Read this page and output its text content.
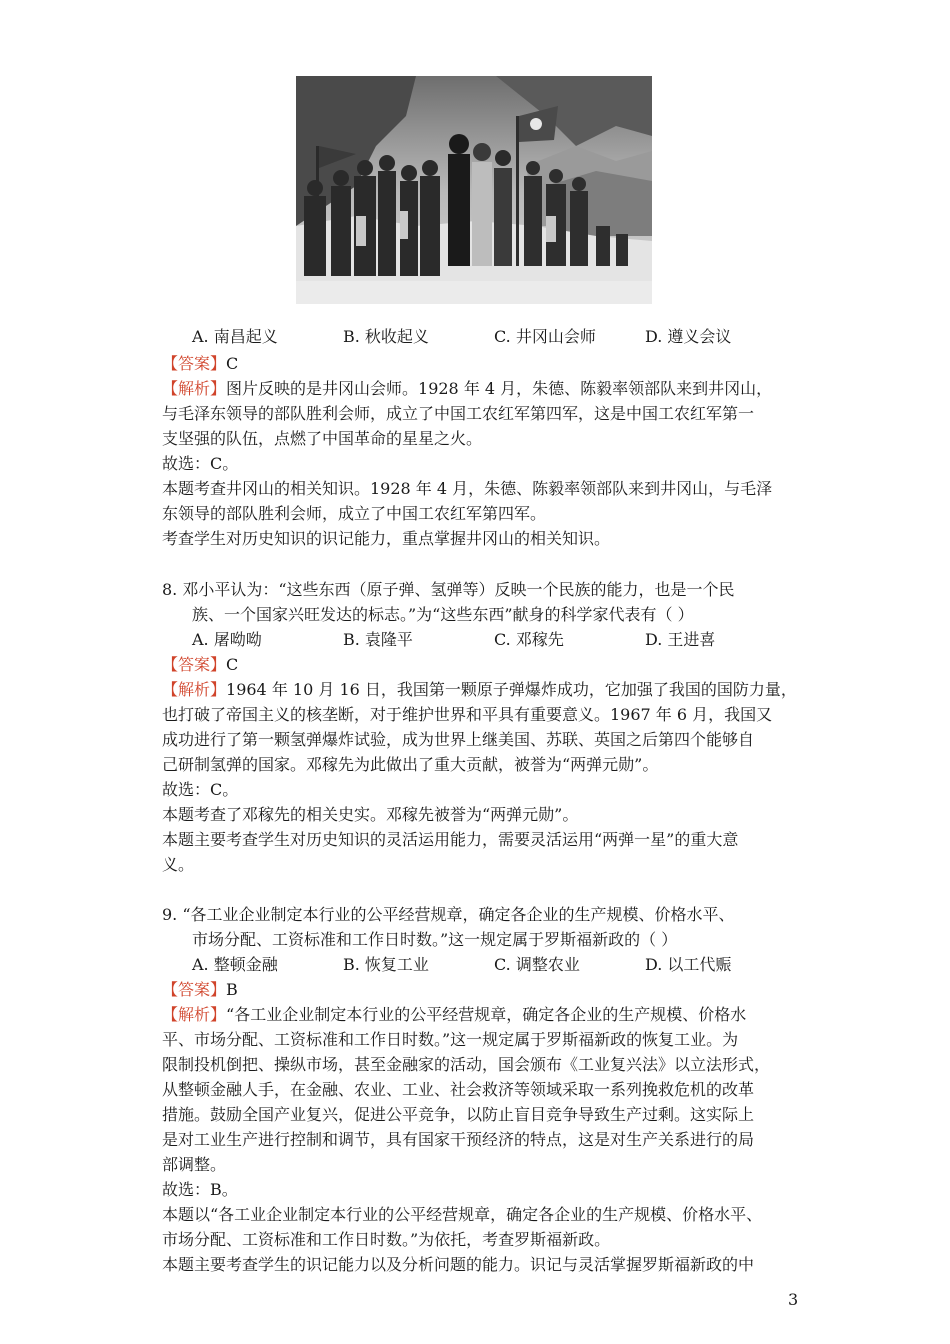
A. 南昌起义	B. 秋收起义	C. 井冈山会师	D. 遵义会议
【答案】C
【解析】图片反映的是井冈山会师。1928 年 4 月，朱德、陈毅率领部队来到井冈山，
与毛泽东领导的部队胜利会师，成立了中国工农红军第四军，这是中国工农红军第一
支坚强的队伍，点燃了中国革命的星星之火。
故选：C。
本题考查井冈山的相关知识。1928 年 4 月，朱德、陈毅率领部队来到井冈山，与毛泽
东领导的部队胜利会师，成立了中国工农红军第四军。
考查学生对历史知识的识记能力，重点掌握井冈山的相关知识。
8. 邓小平认为：“这些东西（原子弹、氢弹等）反映一个民族的能力，也是一个民
族、一个国家兴旺发达的标志。”为“这些东西”献身的科学家代表有（ ）
A. 屠呦呦	B. 袁隆平	C. 邓稼先	D. 王进喜
【答案】C
【解析】1964 年 10 月 16 日，我国第一颗原子弹爆炸成功，它加强了我国的国防力量，
也打破了帝国主义的核垄断，对于维护世界和平具有重要意义。1967 年 6 月，我国又
成功进行了第一颗氢弹爆炸试验，成为世界上继美国、苏联、英国之后第四个能够自
己研制氢弹的国家。邓稼先为此做出了重大贡献，被誉为“两弹元勋”。
故选：C。
本题考查了邓稼先的相关史实。邓稼先被誉为“两弹元勋”。
本题主要考查学生对历史知识的灵活运用能力，需要灵活运用“两弹一星”的重大意
义。
9. “各工业企业制定本行业的公平经营规章，确定各企业的生产规模、价格水平、
市场分配、工资标准和工作日时数。”这一规定属于罗斯福新政的（ ）
A. 整顿金融	B. 恢复工业	C. 调整农业	D. 以工代赈
【答案】B
【解析】“各工业企业制定本行业的公平经营规章，确定各企业的生产规模、价格水
平、市场分配、工资标准和工作日时数。”这一规定属于罗斯福新政的恢复工业。为
限制投机倒把、操纵市场，甚至金融家的活动，国会颁布《工业复兴法》以立法形式，
从整顿金融人手，在金融、农业、工业、社会救济等领域采取一系列挽救危机的改革
措施。鼓励全国产业复兴，促进公平竞争，以防止盲目竞争导致生产过剩。这实际上
是对工业生产进行控制和调节，具有国家干预经济的特点，这是对生产关系进行的局
部调整。
故选：B。
本题以“各工业企业制定本行业的公平经营规章，确定各企业的生产规模、价格水平、
市场分配、工资标准和工作日时数。”为依托，考查罗斯福新政。
本题主要考查学生的识记能力以及分析问题的能力。识记与灵活掌握罗斯福新政的中
3
